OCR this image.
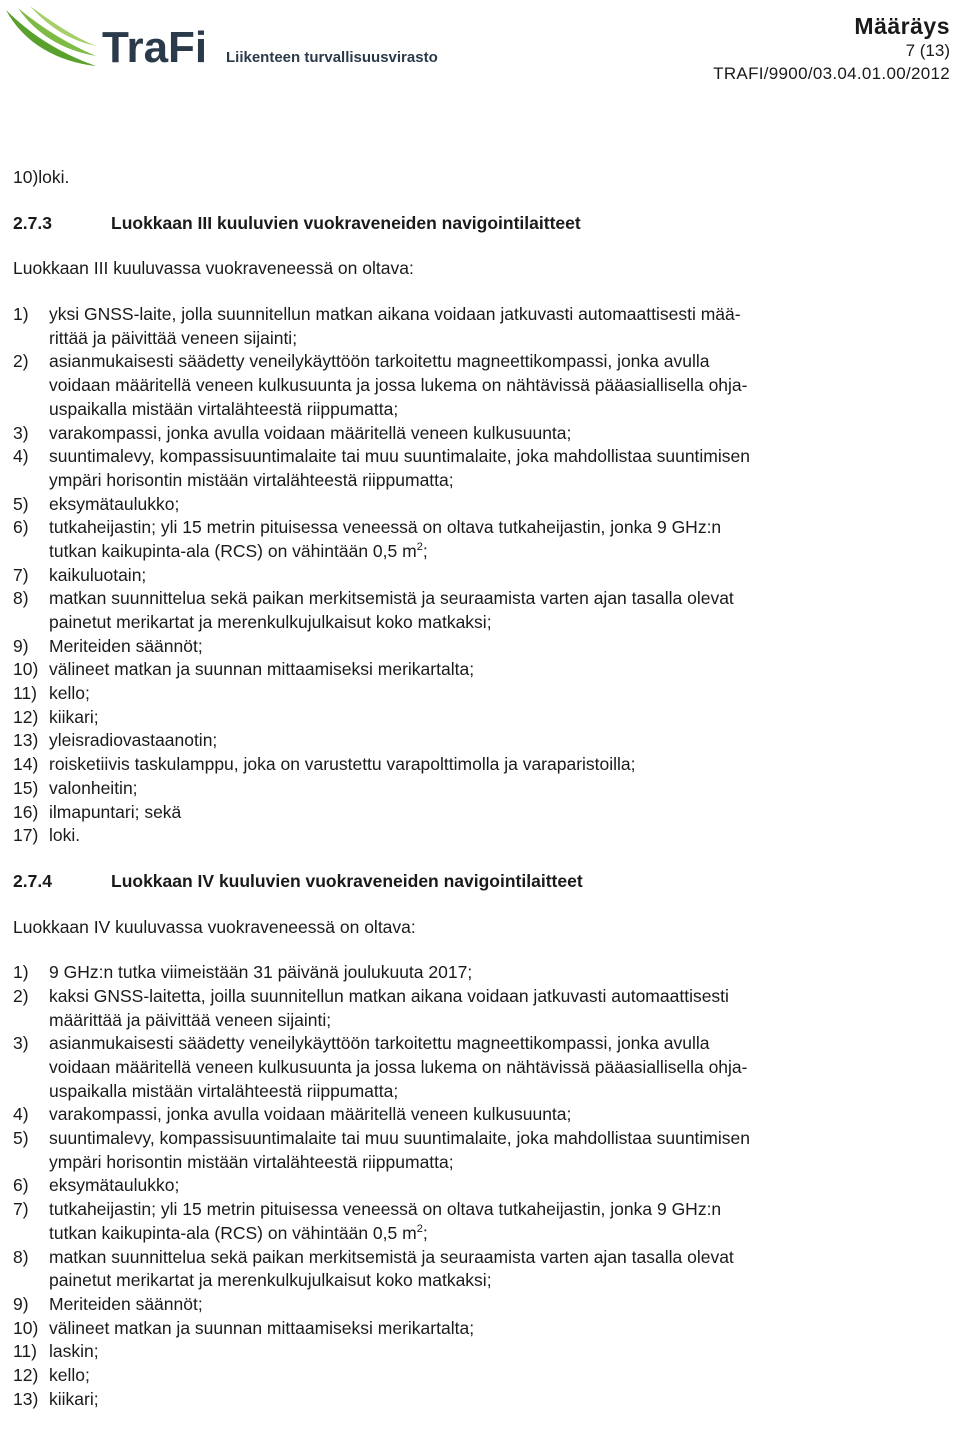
TraFi Liikenteen turvallisuusvirasto
Määräys
7 (13)
TRAFI/9900/03.04.01.00/2012
10)loki.
2.7.3	Luokkaan III kuuluvien vuokraveneiden navigointilaitteet
Luokkaan III kuuluvassa vuokraveneessä on oltava:
1)	yksi GNSS-laite, jolla suunnitellun matkan aikana voidaan jatkuvasti automaattisesti mää-
rittää ja päivittää veneen sijainti;
2)	asianmukaisesti säädetty veneilykäyttöön tarkoitettu magneettikompassi, jonka avulla
voidaan määritellä veneen kulkusuunta ja jossa lukema on nähtävissä pääasiallisella ohja-
uspaikalla mistään virtalähteestä riippumatta;
3)	varakompassi, jonka avulla voidaan määritellä veneen kulkusuunta;
4)	suuntimalevy, kompassisuuntimalaite tai muu suuntimalaite, joka mahdollistaa suuntimisen
ympäri horisontin mistään virtalähteestä riippumatta;
5)	eksymätaulukko;
6)	tutkaheijastin; yli 15 metrin pituisessa veneessä on oltava tutkaheijastin, jonka 9 GHz:n
tutkan kaikupinta-ala (RCS) on vähintään 0,5 $m^2$;
7)	kaikuluotain;
8)	matkan suunnittelua sekä paikan merkitsemistä ja seuraamista varten ajan tasalla olevat
painetut merikartat ja merenkulkujulkaisut koko matkaksi;
9)	Meriteiden säännöt;
10) välineet matkan ja suunnan mittaamiseksi merikartalta;
11) kello;
12) kiikari;
13) yleisradiovastaanotin;
14) roisketiivis taskulamppu, joka on varustettu varapolttimolla ja varaparistoilla;
15) valonheitin;
16) ilmapuntari; sekä
17) loki.
2.7.4	Luokkaan IV kuuluvien vuokraveneiden navigointilaitteet
Luokkaan IV kuuluvassa vuokraveneessä on oltava:
1)	9 GHz:n tutka viimeistään 31 päivänä joulukuuta 2017;
2)	kaksi GNSS-laitetta, joilla suunnitellun matkan aikana voidaan jatkuvasti automaattisesti
määrittää ja päivittää veneen sijainti;
3)	asianmukaisesti säädetty veneilykäyttöön tarkoitettu magneettikompassi, jonka avulla
voidaan määritellä veneen kulkusuunta ja jossa lukema on nähtävissä pääasiallisella ohja-
uspaikalla mistään virtalähteestä riippumatta;
4)	varakompassi, jonka avulla voidaan määritellä veneen kulkusuunta;
5)	suuntimalevy, kompassisuuntimalaite tai muu suuntimalaite, joka mahdollistaa suuntimisen
ympäri horisontin mistään virtalähteestä riippumatta;
6)	eksymätaulukko;
7)	tutkaheijastin; yli 15 metrin pituisessa veneessä on oltava tutkaheijastin, jonka 9 GHz:n
tutkan kaikupinta-ala (RCS) on vähintään 0,5 $m^2$;
8)	matkan suunnittelua sekä paikan merkitsemistä ja seuraamista varten ajan tasalla olevat
painetut merikartat ja merenkulkujulkaisut koko matkaksi;
9)	Meriteiden säännöt;
10) välineet matkan ja suunnan mittaamiseksi merikartalta;
11) laskin;
12) kello;
13) kiikari;
